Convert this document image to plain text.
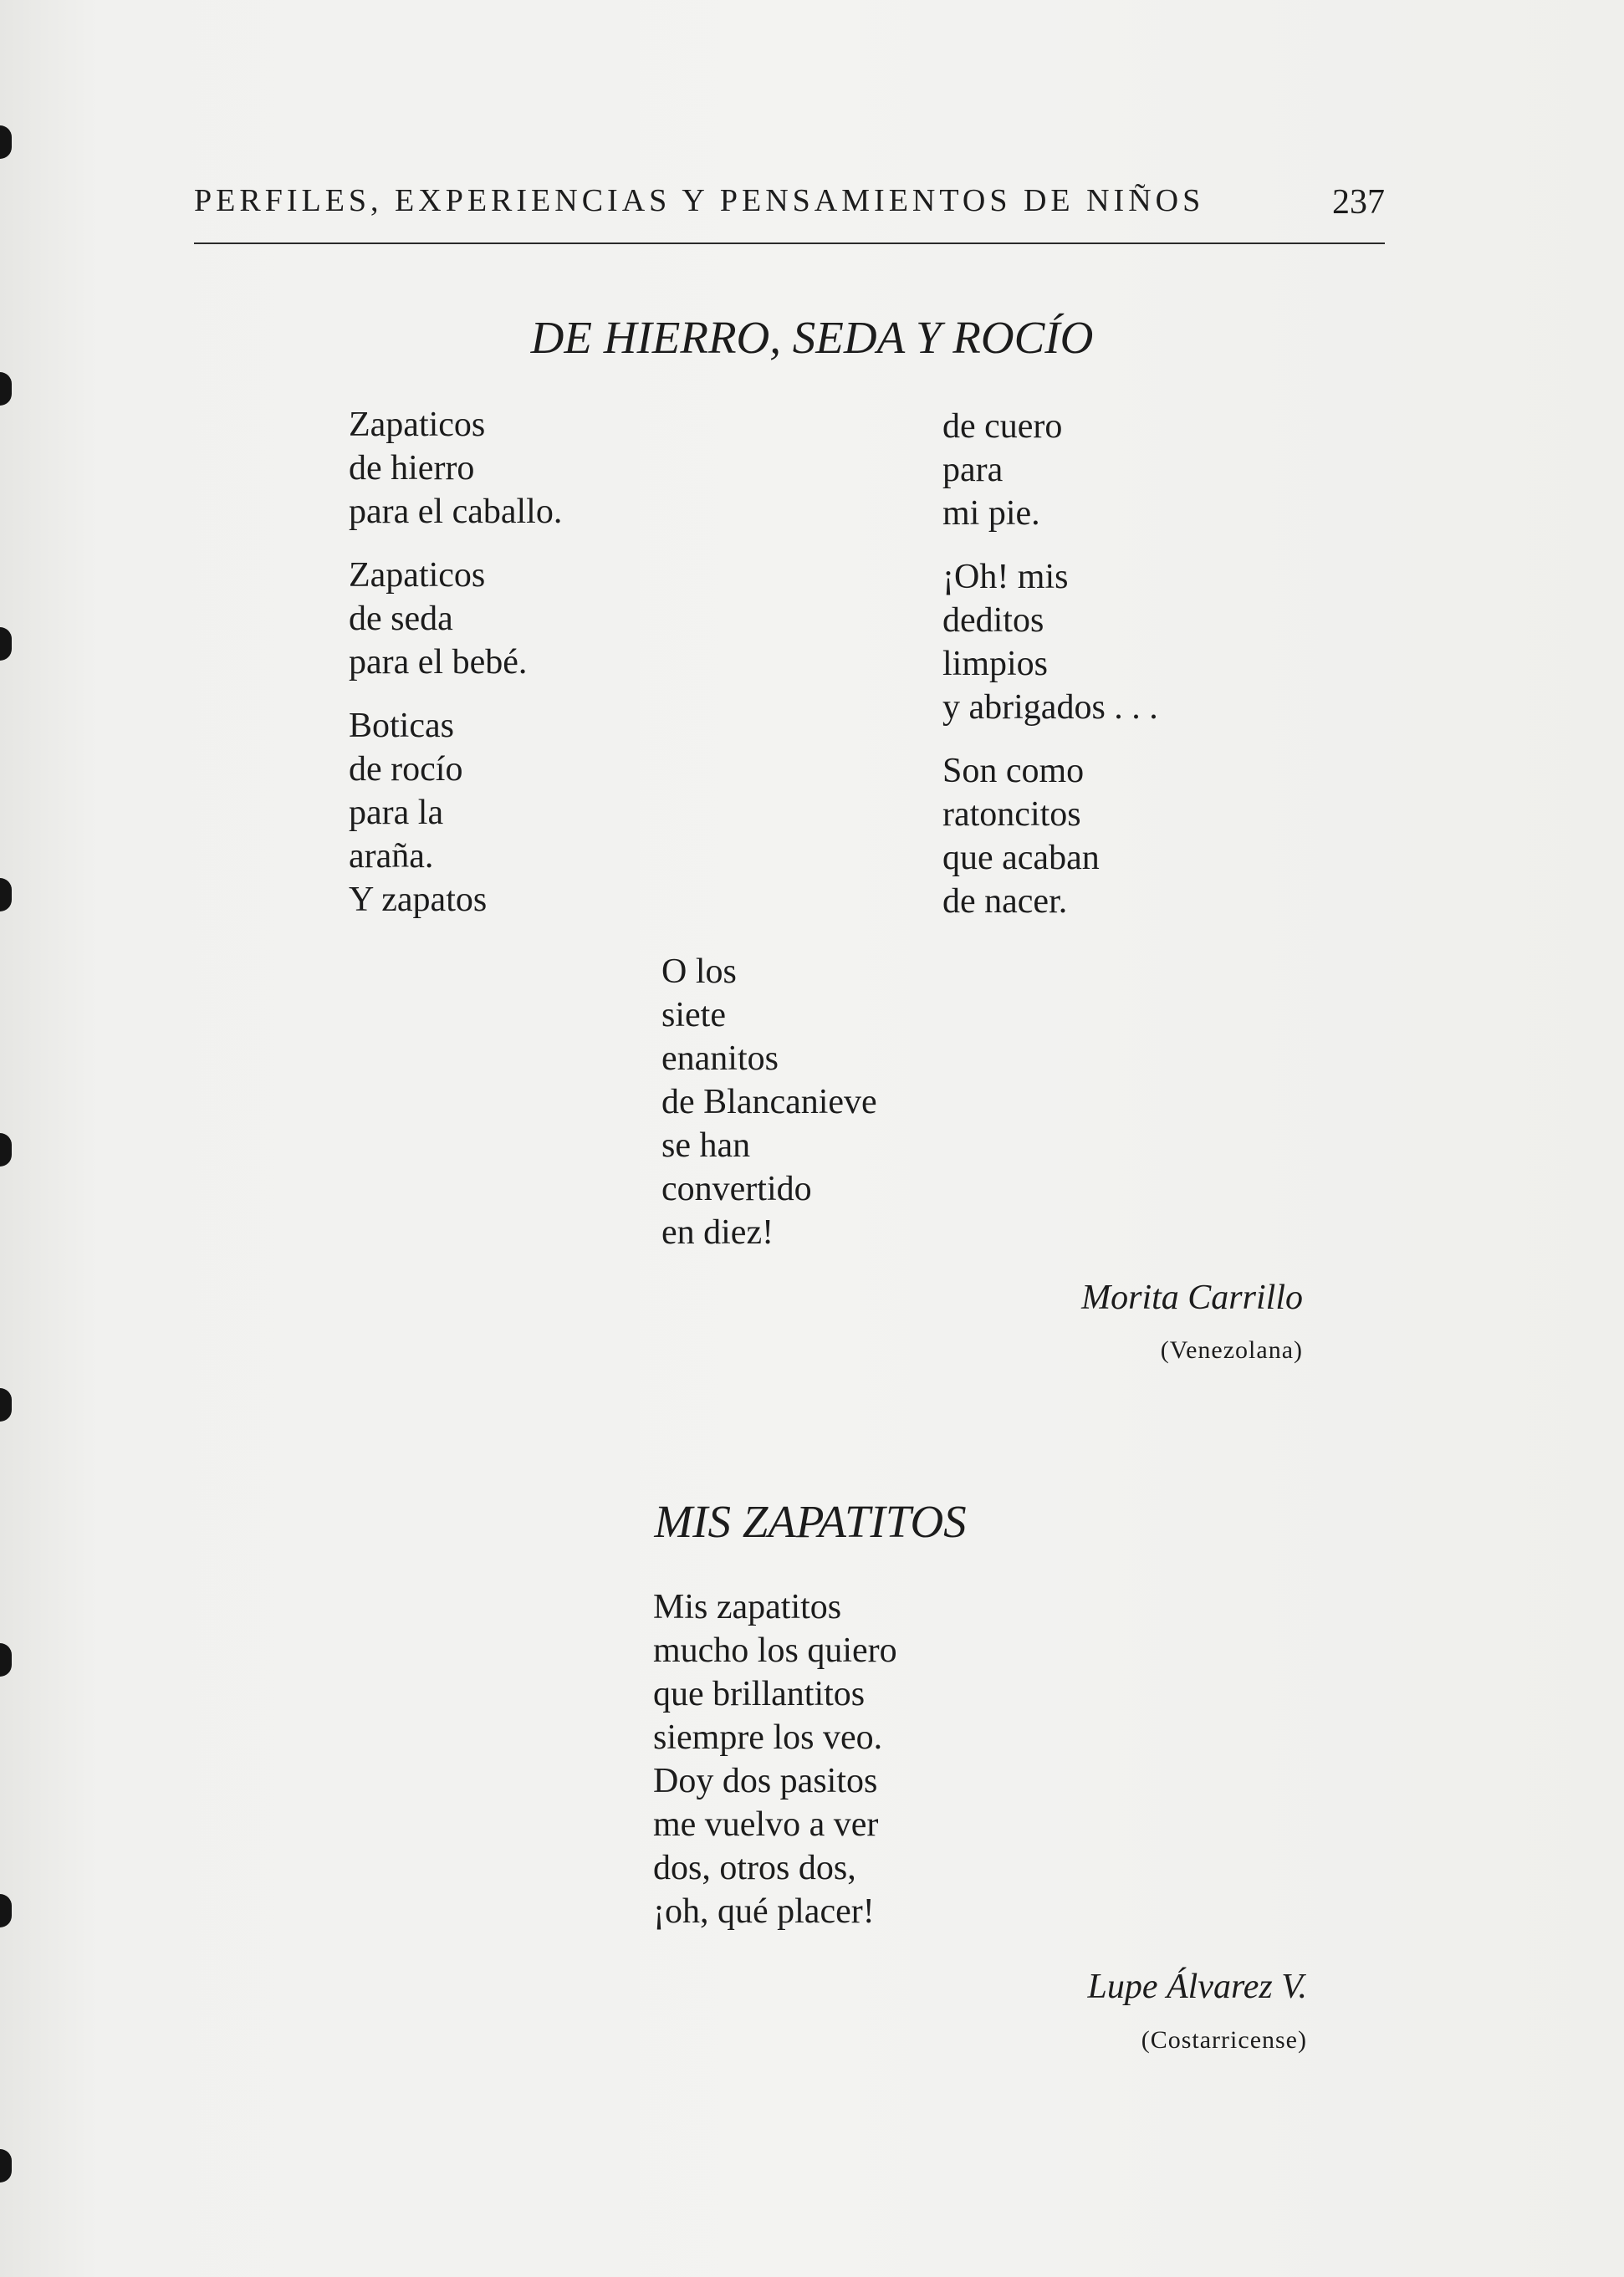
PERFILES, EXPERIENCIAS Y PENSAMIENTOS DE NIÑOS	237
DE HIERRO, SEDA Y ROCÍO
Zapaticos
de hierro
para el caballo.
Zapaticos
de seda
para el bebé.
Boticas
de rocío
para la
araña.
Y zapatos
de cuero
para
mi pie.
¡Oh! mis
deditos
limpios
y abrigados . . .
Son como
ratoncitos
que acaban
de nacer.
O los
siete
enanitos
de Blancanieve
se han
convertido
en diez!
Morita Carrillo
(Venezolana)
MIS ZAPATITOS
Mis zapatitos
mucho los quiero
que brillantitos
siempre los veo.
Doy dos pasitos
me vuelvo a ver
dos, otros dos,
¡oh, qué placer!
Lupe Álvarez V.
(Costarricense)
